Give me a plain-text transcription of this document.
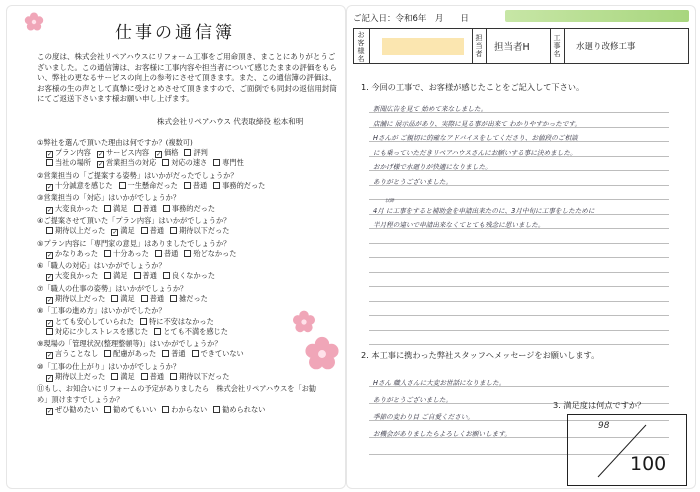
仕事の通信簿
この度は、株式会社リペアハウスにリフォーム工事をご用命頂き、まことにありがとうございました。この通信簿は、お客様に工事内容や担当者について感じたままの評価をもらい、弊社の更なるサービスの向上の参考にさせて頂きます。また、この通信簿の評価は、お客様の生の声として真摯に受けとめさせて頂きますので、ご面倒でも同封の返信用封筒にてご返送下さいます様お願い申し上げます。
株式会社リペアハウス 代表取締役 松本和明
①弊社を選んで頂いた理由は何ですか？(複数可)
✓ プラン内容 ✓ サービス内容 ✓ 価格 評判
当社の場所 ✓ 営業担当の対応 対応の速さ 専門性
②営業担当の「ご提案する姿勢」はいかがだったでしょうか？
✓ 十分誠意を感じた 一生懸命だった 普通 事務的だった
③営業担当の「対応」はいかがでしょうか？
✓ 大変良かった 満足 普通 事務的だった
④ご提案させて頂いた「プラン内容」はいかがでしょうか？
期待以上だった ✓ 満足 普通 期待以下だった
⑤プラン内容に「専門家の意見」はありましたでしょうか？
✓ かなりあった 十分あった 普通 殆どなかった
⑥「職人の対応」はいかがでしょうか？
✓ 大変良かった 満足 普通 良くなかった
⑦「職人の仕事の姿勢」はいかがでしょうか？
✓ 期待以上だった 満足 普通 雑だった
⑧「工事の進め方」はいかがでしたか？
✓ とても安心していられた 特に不安はなかった
対応に少しストレスを感じた とても不満を感じた
⑨現場の「管理状況(整理整頓等)」はいかがでしょうか？
✓ 言うことなし 配慮があった 普通 できていない
⑩「工事の仕上がり」はいかがでしょうか？
✓ 期待以上だった 満足 普通 期待以下だった
⑪もし、お知合いにリフォームの予定がありましたら　株式会社リペアハウスを「お勧め」頂けますでしょうか？
✓ ぜひ勧めたい 勧めてもいい わからない 勧められない
ご記入日：令和6年　月　　日
お客様名
担当者
担当者H
工事名
水廻り改修工事
1. 今回の工事で、お客様が感じたことをご記入して下さい。
新聞広告を見て 始めて来なしました。
店舗に 展示品があり、実際に見る事が出来て わかりやすかったです。
Hさんが ご親切に的確なアドバイスをしてくださり、お値段のご相談
にも乗っていただきリペアハウスさんにお願いする事に決めました。
おかげ様で水廻りが快適になりました。
ありがとうございました。
4月 に工事をすると補助金を申請出来たのに、3月中旬に工事をしたために
半月程の違いで申請出来なくてとても残念に思いました。
以降
2. 本工事に携わった弊社スタッフへメッセージをお願いします。
Hさん 職人さんに大変お世話になりました。
ありがとうございました。
季節の変わり目 ご自愛ください。
お機会がありましたらよろしくお願いします。
3. 満足度は何点ですか？
98
100
